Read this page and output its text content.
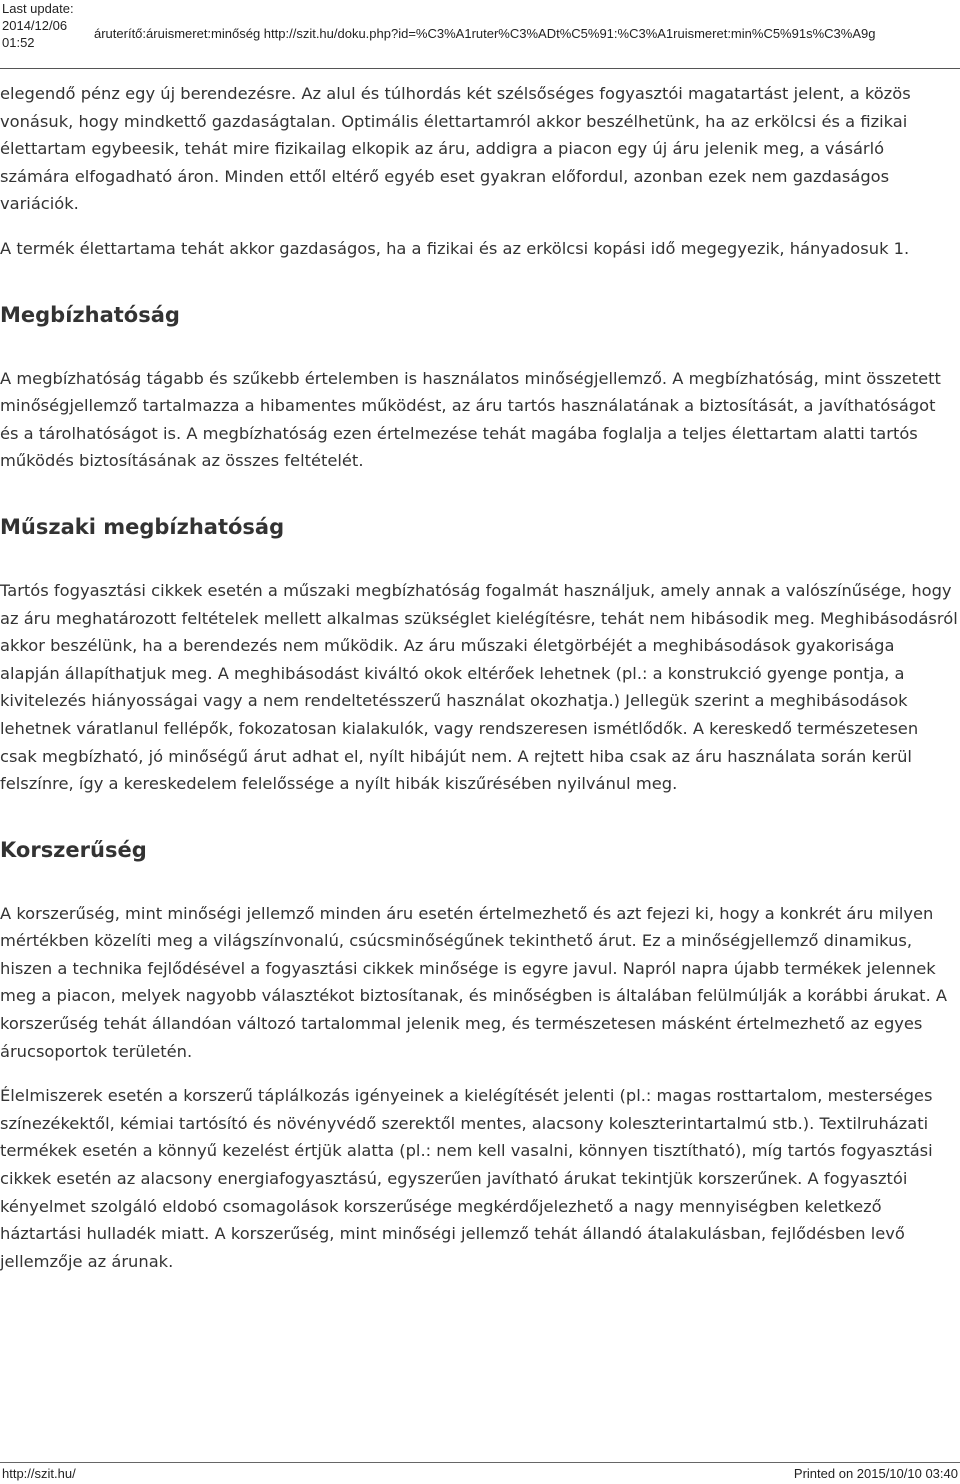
Last update:
2014/12/06 01:52
áruterítő:áruismeret:minőség http://szit.hu/doku.php?id=%C3%A1ruter%C3%ADt%C5%91:%C3%A1ruismeret:min%C5%91s%C3%A9g

elegendő pénz egy új berendezésre. Az alul és túlhordás két szélsőséges fogyasztói magatartást jelent, a közös vonásuk, hogy mindkettő gazdaságtalan. Optimális élettartamról akkor beszélhetünk, ha az erkölcsi és a fizikai élettartam egybeesik, tehát mire fizikailag elkopik az áru, addigra a piacon egy új áru jelenik meg, a vásárló számára elfogadható áron. Minden ettől eltérő egyéb eset gyakran előfordul, azonban ezek nem gazdaságos variációk.

A termék élettartama tehát akkor gazdaságos, ha a fizikai és az erkölcsi kopási idő megegyezik, hányadosuk 1.

Megbízhatóság

A megbízhatóság tágabb és szűkebb értelemben is használatos minőségjellemző. A megbízhatóság, mint összetett minőségjellemző tartalmazza a hibamentes működést, az áru tartós használatának a biztosítását, a javíthatóságot és a tárolhatóságot is. A megbízhatóság ezen értelmezése tehát magába foglalja a teljes élettartam alatti tartós működés biztosításának az összes feltételét.

Műszaki megbízhatóság

Tartós fogyasztási cikkek esetén a műszaki megbízhatóság fogalmát használjuk, amely annak a valószínűsége, hogy az áru meghatározott feltételek mellett alkalmas szükséglet kielégítésre, tehát nem hibásodik meg. Meghibásodásról akkor beszélünk, ha a berendezés nem működik. Az áru műszaki életgörbéjét a meghibásodások gyakorisága alapján állapíthatjuk meg. A meghibásodást kiváltó okok eltérőek lehetnek (pl.: a konstrukció gyenge pontja, a kivitelezés hiányosságai vagy a nem rendeltetésszerű használat okozhatja.) Jellegük szerint a meghibásodások lehetnek váratlanul fellépők, fokozatosan kialakulók, vagy rendszeresen ismétlődők. A kereskedő természetesen csak megbízható, jó minőségű árut adhat el, nyílt hibájút nem. A rejtett hiba csak az áru használata során kerül felszínre, így a kereskedelem felelőssége a nyílt hibák kiszűrésében nyilvánul meg.

Korszerűség

A korszerűség, mint minőségi jellemző minden áru esetén értelmezhető és azt fejezi ki, hogy a konkrét áru milyen mértékben közelíti meg a világszínvonalú, csúcsminőségűnek tekinthető árut. Ez a minőségjellemző dinamikus, hiszen a technika fejlődésével a fogyasztási cikkek minősége is egyre javul. Napról napra újabb termékek jelennek meg a piacon, melyek nagyobb választékot biztosítanak, és minőségben is általában felülmúlják a korábbi árukat. A korszerűség tehát állandóan változó tartalommal jelenik meg, és természetesen másként értelmezhető az egyes árucsoportok területén.

Élelmiszerek esetén a korszerű táplálkozás igényeinek a kielégítését jelenti (pl.: magas rosttartalom, mesterséges színezékektől, kémiai tartósító és növényvédő szerektől mentes, alacsony koleszterintartalmú stb.). Textilruházati termékek esetén a könnyű kezelést értjük alatta (pl.: nem kell vasalni, könnyen tisztítható), míg tartós fogyasztási cikkek esetén az alacsony energiafogyasztású, egyszerűen javítható árukat tekintjük korszerűnek. A fogyasztói kényelmet szolgáló eldobó csomagolások korszerűsége megkérdőjelezhető a nagy mennyiségben keletkező háztartási hulladék miatt. A korszerűség, mint minőségi jellemző tehát állandó átalakulásban, fejlődésben levő jellemzője az árunak.

http://szit.hu/	Printed on 2015/10/10 03:40
